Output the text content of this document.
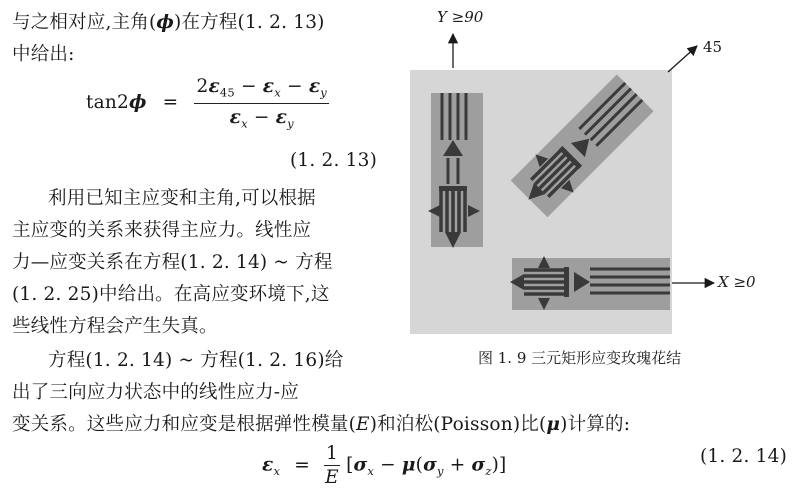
与之相对应,主角(ϕ)在方程(1. 2. 13)
中给出:
$\tan 2\phi = \frac{2\varepsilon_{45} - \varepsilon_x - \varepsilon_y}{\varepsilon_x - \varepsilon_y}$
(1. 2. 13)
利用已知主应变和主角,可以根据
主应变的关系来获得主应力。线性应
力—应变关系在方程(1. 2. 14) ~ 方程
(1. 2. 25)中给出。在高应变环境下,这
些线性方程会产生失真。
方程(1. 2. 14) ~ 方程(1. 2. 16)给
出了三向应力状态中的线性应力-应
变关系。这些应力和应变是根据弹性模量(E)和泊松(Poisson)比(μ)计算的:
$\varepsilon_x = \frac{1}{E} [\sigma_x - \mu(\sigma_y + \sigma_z)]$	(1. 2. 14)
Y ≥90
45
X ≥0
图 1. 9 三元矩形应变玫瑰花结
